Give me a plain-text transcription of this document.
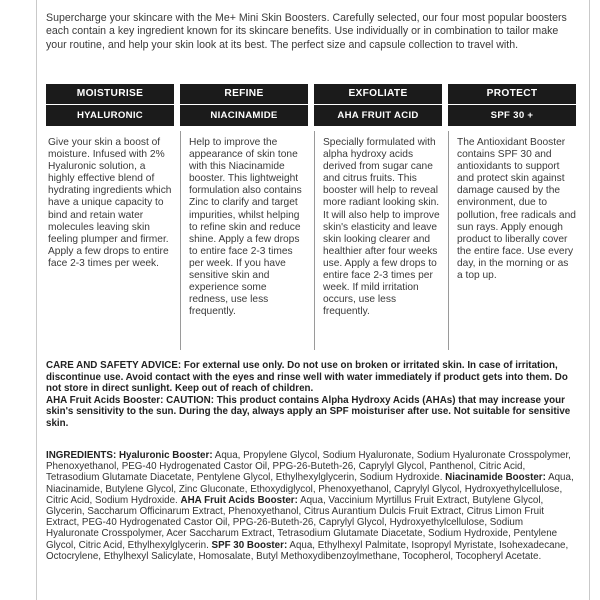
Supercharge your skincare with the Me+ Mini Skin Boosters. Carefully selected, our four most popular boosters each contain a key ingredient known for its skincare benefits. Use individually or in combination to tailor make your routine, and help your skin look at its best. The perfect size and capsule collection to travel with.

MOISTURISE
HYALURONIC
Give your skin a boost of moisture. Infused with 2% Hyaluronic solution, a highly effective blend of hydrating ingredients which have a unique capacity to bind and retain water molecules leaving skin feeling plumper and firmer. Apply a few drops to entire face 2-3 times per week.
REFINE
NIACINAMIDE
Help to improve the appearance of skin tone with this Niacinamide booster. This lightweight formulation also contains Zinc to clarify and target impurities, whilst helping to refine skin and reduce shine. Apply a few drops to entire face 2-3 times per week. If you have sensitive skin and experience some redness, use less frequently.
EXFOLIATE
AHA FRUIT ACID
Specially formulated with alpha hydroxy acids derived from sugar cane and citrus fruits. This booster will help to reveal more radiant looking skin. It will also help to improve skin's elasticity and leave skin looking clearer and healthier after four weeks use. Apply a few drops to entire face 2-3 times per week. If mild irritation occurs, use less frequently.
PROTECT
SPF 30 +
The Antioxidant Booster contains SPF 30 and antioxidants to support and protect skin against damage caused by the environment, due to pollution, free radicals and sun rays. Apply enough product to liberally cover the entire face. Use every day, in the morning or as a top up.
CARE AND SAFETY ADVICE: For external use only. Do not use on broken or irritated skin. In case of irritation, discontinue use. Avoid contact with the eyes and rinse well with water immediately if product gets into them. Do not store in direct sunlight. Keep out of reach of children.
AHA Fruit Acids Booster: CAUTION: This product contains Alpha Hydroxy Acids (AHAs) that may increase your skin's sensitivity to the sun. During the day, always apply an SPF moisturiser after use. Not suitable for sensitive skin.
INGREDIENTS: Hyaluronic Booster: Aqua, Propylene Glycol, Sodium Hyaluronate, Sodium Hyaluronate Crosspolymer, Phenoxyethanol, PEG-40 Hydrogenated Castor Oil, PPG-26-Buteth-26, Caprylyl Glycol, Panthenol, Citric Acid, Tetrasodium Glutamate Diacetate, Pentylene Glycol, Ethylhexylglycerin, Sodium Hydroxide. Niacinamide Booster: Aqua, Niacinamide, Butylene Glycol, Zinc Gluconate, Ethoxydiglycol, Phenoxyethanol, Caprylyl Glycol, Hydroxyethylcellulose, Citric Acid, Sodium Hydroxide. AHA Fruit Acids Booster: Aqua, Vaccinium Myrtillus Fruit Extract, Butylene Glycol, Glycerin, Saccharum Officinarum Extract, Phenoxyethanol, Citrus Aurantium Dulcis Fruit Extract, Citrus Limon Fruit Extract, PEG-40 Hydrogenated Castor Oil, PPG-26-Buteth-26, Caprylyl Glycol, Hydroxyethylcellulose, Sodium Hyaluronate Crosspolymer, Acer Saccharum Extract, Tetrasodium Glutamate Diacetate, Sodium Hydroxide, Pentylene Glycol, Citric Acid, Ethylhexylglycerin. SPF 30 Booster: Aqua, Ethylhexyl Palmitate, Isopropyl Myristate, Isohexadecane, Octocrylene, Ethylhexyl Salicylate, Homosalate, Butyl Methoxydibenzoylmethane, Tocopherol, Tocopheryl Acetate.
